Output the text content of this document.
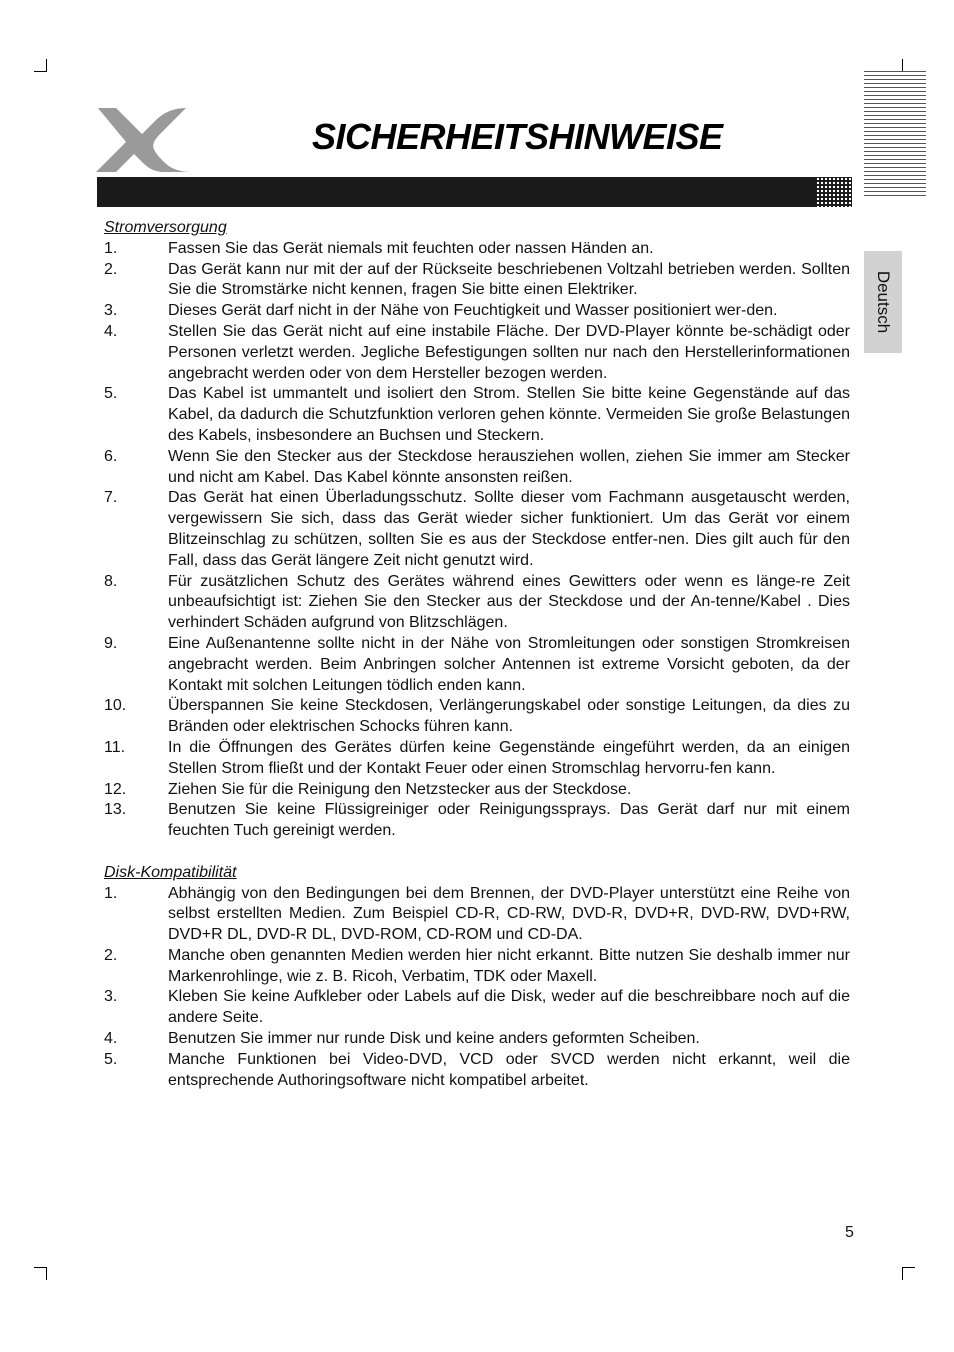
SICHERHEITSHINWEISE
Deutsch
Stromversorgung
1.	Fassen Sie das Gerät niemals mit feuchten oder nassen Händen an.
2.	Das Gerät kann nur mit der auf der Rückseite beschriebenen Voltzahl betrieben werden. Sollten Sie die Stromstärke nicht kennen, fragen Sie bitte einen Elektriker.
3.	Dieses Gerät darf nicht in der Nähe von Feuchtigkeit und Wasser positioniert wer-den.
4.	Stellen Sie das Gerät nicht auf eine instabile Fläche. Der DVD-Player könnte be-schädigt oder Personen verletzt werden. Jegliche Befestigungen sollten nur nach den Herstellerinformationen angebracht werden oder von dem Hersteller bezogen werden.
5.	Das Kabel ist ummantelt und isoliert den Strom. Stellen Sie bitte keine Gegenstände auf das Kabel, da dadurch die Schutzfunktion verloren gehen könnte. Vermeiden Sie große Belastungen des Kabels, insbesondere an Buchsen und Steckern.
6.	Wenn Sie den Stecker aus der Steckdose herausziehen wollen, ziehen Sie immer am Stecker und nicht am Kabel. Das Kabel könnte ansonsten reißen.
7.	Das Gerät hat einen Überladungsschutz. Sollte dieser vom Fachmann ausgetauscht werden, vergewissern Sie sich, dass das Gerät wieder sicher funktioniert. Um das Gerät vor einem Blitzeinschlag zu schützen, sollten Sie es aus der Steckdose entfer-nen. Dies gilt auch für den Fall, dass das Gerät längere Zeit nicht genutzt wird.
8.	Für zusätzlichen Schutz des Gerätes während eines Gewitters oder wenn es länge-re Zeit unbeaufsichtigt ist: Ziehen Sie den Stecker aus der Steckdose und der An-tenne/Kabel . Dies verhindert Schäden aufgrund von Blitzschlägen.
9.	Eine Außenantenne sollte nicht in der Nähe von Stromleitungen oder sonstigen Stromkreisen angebracht werden. Beim Anbringen solcher Antennen ist extreme Vorsicht geboten, da der Kontakt mit solchen Leitungen tödlich enden kann.
10.	Überspannen Sie keine Steckdosen, Verlängerungskabel oder sonstige Leitungen, da dies zu Bränden oder elektrischen Schocks führen kann.
11.	In die Öffnungen des Gerätes dürfen keine Gegenstände eingeführt werden, da an einigen Stellen Strom fließt und der Kontakt Feuer oder einen Stromschlag hervorru-fen kann.
12.	Ziehen Sie für die Reinigung den Netzstecker aus der Steckdose.
13.	Benutzen Sie keine Flüssigreiniger oder Reinigungssprays. Das Gerät darf nur mit einem feuchten Tuch gereinigt werden.
Disk-Kompatibilität
1.	Abhängig von den Bedingungen bei dem Brennen, der DVD-Player unterstützt eine Reihe von selbst erstellten Medien. Zum Beispiel CD-R, CD-RW, DVD-R, DVD+R, DVD-RW, DVD+RW, DVD+R DL, DVD-R DL, DVD-ROM, CD-ROM und CD-DA.
2.	Manche oben genannten Medien werden hier nicht erkannt. Bitte nutzen Sie deshalb immer nur Markenrohlinge, wie z. B. Ricoh, Verbatim, TDK oder Maxell.
3.	Kleben Sie keine Aufkleber oder Labels auf die Disk, weder auf die beschreibbare noch auf die andere Seite.
4.	Benutzen Sie immer nur runde Disk und keine anders geformten Scheiben.
5.	Manche Funktionen bei Video-DVD, VCD oder SVCD werden nicht erkannt, weil die entsprechende Authoringsoftware nicht kompatibel arbeitet.
5
